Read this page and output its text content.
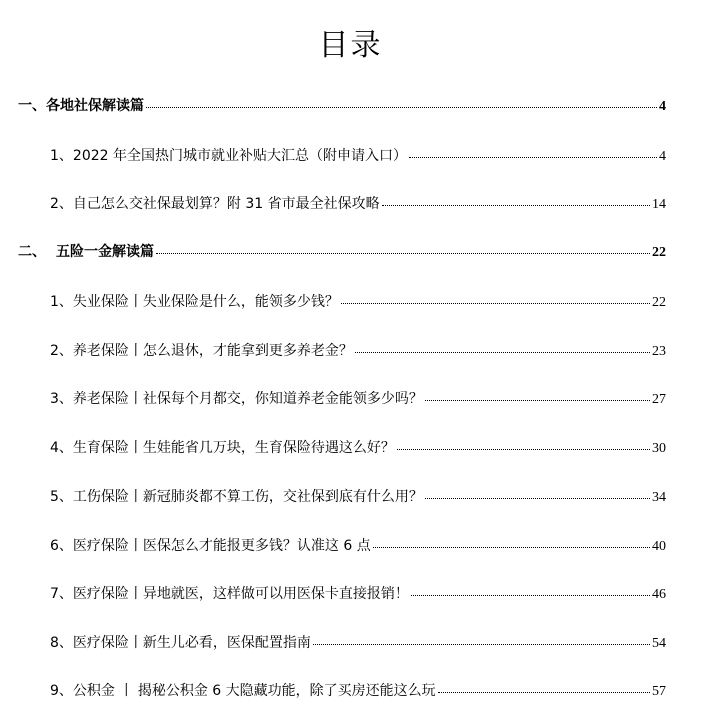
目录
一、各地社保解读篇	4
1、2022 年全国热门城市就业补贴大汇总（附申请入口）	4
2、自己怎么交社保最划算？附 31 省市最全社保攻略	14
二、 五险一金解读篇	22
1、失业保险丨失业保险是什么，能领多少钱？	22
2、养老保险丨怎么退休，才能拿到更多养老金？	23
3、养老保险丨社保每个月都交，你知道养老金能领多少吗？	27
4、生育保险丨生娃能省几万块，生育保险待遇这么好？	30
5、工伤保险丨新冠肺炎都不算工伤，交社保到底有什么用？	34
6、医疗保险丨医保怎么才能报更多钱？认准这 6 点	40
7、医疗保险丨异地就医，这样做可以用医保卡直接报销！	46
8、医疗保险丨新生儿必看，医保配置指南	54
9、公积金 丨 揭秘公积金 6 大隐藏功能，除了买房还能这么玩	57
